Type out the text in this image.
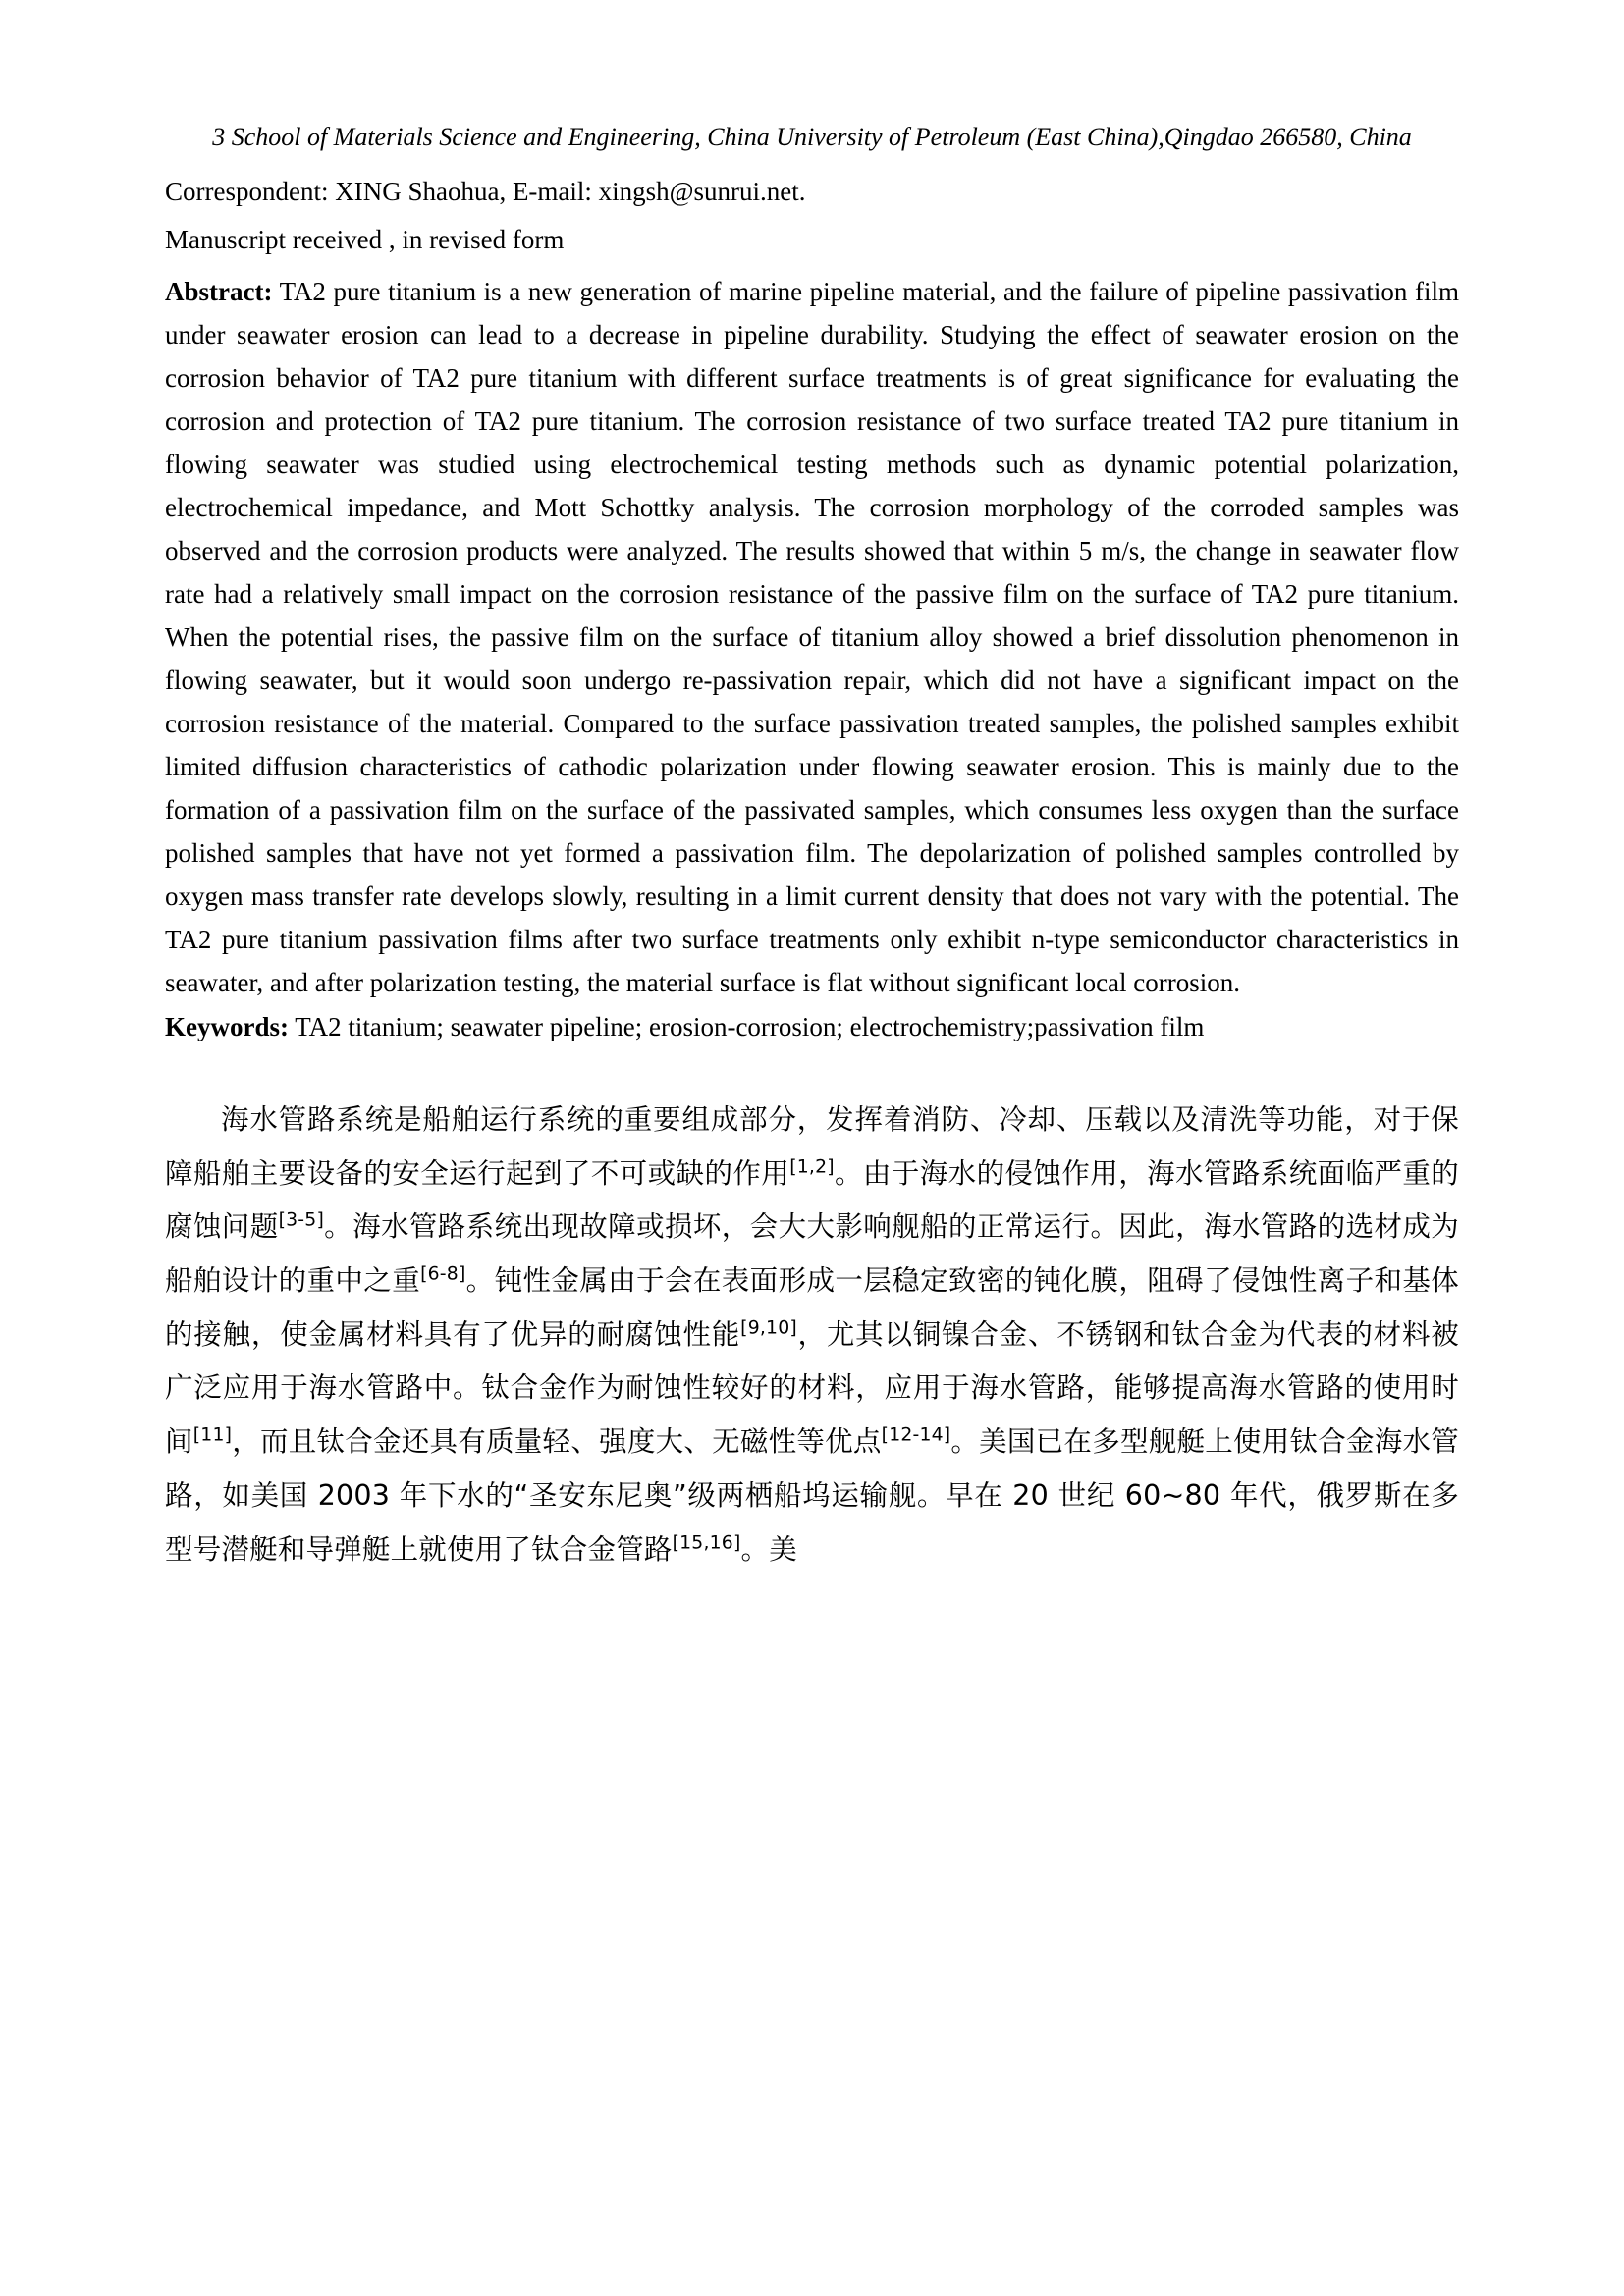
3 School of Materials Science and Engineering, China University of Petroleum (East China),Qingdao 266580, China
Correspondent: XING Shaohua, E-mail: xingsh@sunrui.net.
Manuscript received , in revised form
Abstract: TA2 pure titanium is a new generation of marine pipeline material, and the failure of pipeline passivation film under seawater erosion can lead to a decrease in pipeline durability. Studying the effect of seawater erosion on the corrosion behavior of TA2 pure titanium with different surface treatments is of great significance for evaluating the corrosion and protection of TA2 pure titanium. The corrosion resistance of two surface treated TA2 pure titanium in flowing seawater was studied using electrochemical testing methods such as dynamic potential polarization, electrochemical impedance, and Mott Schottky analysis. The corrosion morphology of the corroded samples was observed and the corrosion products were analyzed. The results showed that within 5 m/s, the change in seawater flow rate had a relatively small impact on the corrosion resistance of the passive film on the surface of TA2 pure titanium. When the potential rises, the passive film on the surface of titanium alloy showed a brief dissolution phenomenon in flowing seawater, but it would soon undergo re-passivation repair, which did not have a significant impact on the corrosion resistance of the material. Compared to the surface passivation treated samples, the polished samples exhibit limited diffusion characteristics of cathodic polarization under flowing seawater erosion. This is mainly due to the formation of a passivation film on the surface of the passivated samples, which consumes less oxygen than the surface polished samples that have not yet formed a passivation film. The depolarization of polished samples controlled by oxygen mass transfer rate develops slowly, resulting in a limit current density that does not vary with the potential. The TA2 pure titanium passivation films after two surface treatments only exhibit n-type semiconductor characteristics in seawater, and after polarization testing, the material surface is flat without significant local corrosion.
Keywords: TA2 titanium; seawater pipeline; erosion-corrosion; electrochemistry;passivation film
海水管路系统是船舶运行系统的重要组成部分，发挥着消防、冷却、压载以及清洗等功能，对于保障船舶主要设备的安全运行起到了不可或缺的作用[1,2]。由于海水的侵蚀作用，海水管路系统面临严重的腐蚀问题[3-5]。海水管路系统出现故障或损坏，会大大影响舰船的正常运行。因此，海水管路的选材成为船舶设计的重中之重[6-8]。钝性金属由于会在表面形成一层稳定致密的钝化膜，阻碍了侵蚀性离子和基体的接触，使金属材料具有了优异的耐腐蚀性能[9,10]，尤其以铜镍合金、不锈钢和钛合金为代表的材料被广泛应用于海水管路中。钛合金作为耐蚀性较好的材料，应用于海水管路，能够提高海水管路的使用时间[11]，而且钛合金还具有质量轻、强度大、无磁性等优点[12-14]。美国已在多型舰艇上使用钛合金海水管路，如美国 2003 年下水的“圣安东尼奥”级两栖船坞运输舰。早在 20 世纪 60~80 年代，俄罗斯在多型号潜艇和导弹艇上就使用了钛合金管路[15,16]。美
